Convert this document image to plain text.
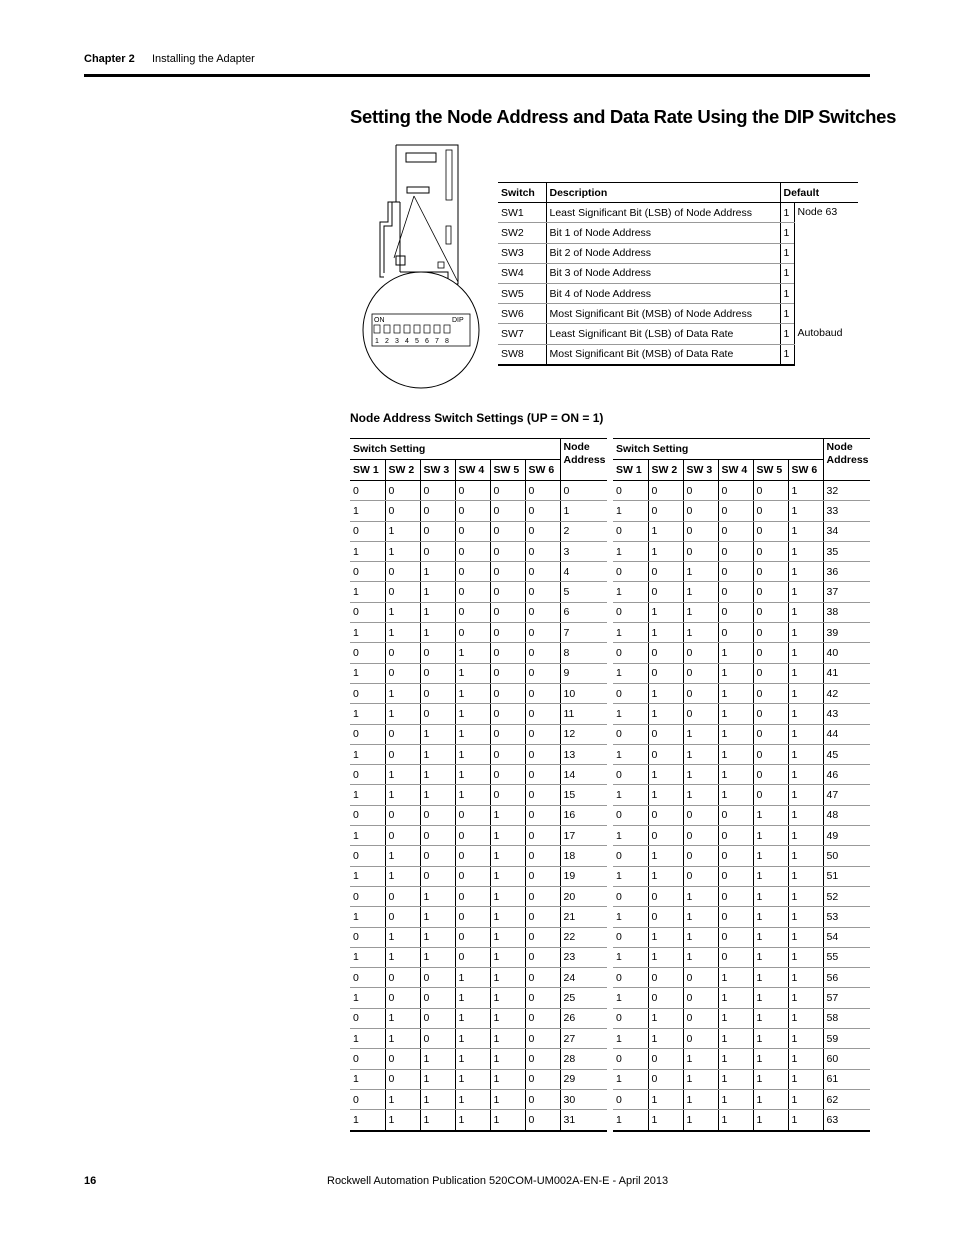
Chapter 2 Installing the Adapter
Setting the Node Address and Data Rate Using the DIP Switches
ON	DIP
1 2 3 4 5 6 7 8
Switch	Description	Default	
SW1	Least Significant Bit (LSB) of Node Address	1	Node 63
SW2	Bit 1 of Node Address	1	
SW3	Bit 2 of Node Address	1	
SW4	Bit 3 of Node Address	1	
SW5	Bit 4 of Node Address	1	
SW6	Most Significant Bit (MSB) of Node Address	1	
SW7	Least Significant Bit (LSB) of Data Rate	1	Autobaud
SW8	Most Significant Bit (MSB) of Data Rate	1	
Node Address Switch Settings (UP = ON = 1)
Switch Setting						Node Address
SW 1	SW 2	SW 3	SW 4	SW 5	SW 6	
0	0	0	0	0	0	0
1	0	0	0	0	0	1
0	1	0	0	0	0	2
1	1	0	0	0	0	3
0	0	1	0	0	0	4
1	0	1	0	0	0	5
0	1	1	0	0	0	6
1	1	1	0	0	0	7
0	0	0	1	0	0	8
1	0	0	1	0	0	9
0	1	0	1	0	0	10
1	1	0	1	0	0	11
0	0	1	1	0	0	12
1	0	1	1	0	0	13
0	1	1	1	0	0	14
1	1	1	1	0	0	15
0	0	0	0	1	0	16
1	0	0	0	1	0	17
0	1	0	0	1	0	18
1	1	0	0	1	0	19
0	0	1	0	1	0	20
1	0	1	0	1	0	21
0	1	1	0	1	0	22
1	1	1	0	1	0	23
0	0	0	1	1	0	24
1	0	0	1	1	0	25
0	1	0	1	1	0	26
1	1	0	1	1	0	27
0	0	1	1	1	0	28
1	0	1	1	1	0	29
0	1	1	1	1	0	30
1	1	1	1	1	0	31
Switch Setting						Node Address
SW 1	SW 2	SW 3	SW 4	SW 5	SW 6	
0	0	0	0	0	1	32
1	0	0	0	0	1	33
0	1	0	0	0	1	34
1	1	0	0	0	1	35
0	0	1	0	0	1	36
1	0	1	0	0	1	37
0	1	1	0	0	1	38
1	1	1	0	0	1	39
0	0	0	1	0	1	40
1	0	0	1	0	1	41
0	1	0	1	0	1	42
1	1	0	1	0	1	43
0	0	1	1	0	1	44
1	0	1	1	0	1	45
0	1	1	1	0	1	46
1	1	1	1	0	1	47
0	0	0	0	1	1	48
1	0	0	0	1	1	49
0	1	0	0	1	1	50
1	1	0	0	1	1	51
0	0	1	0	1	1	52
1	0	1	0	1	1	53
0	1	1	0	1	1	54
1	1	1	0	1	1	55
0	0	0	1	1	1	56
1	0	0	1	1	1	57
0	1	0	1	1	1	58
1	1	0	1	1	1	59
0	0	1	1	1	1	60
1	0	1	1	1	1	61
0	1	1	1	1	1	62
1	1	1	1	1	1	63
16	Rockwell Automation Publication 520COM-UM002A-EN-E - April 2013
